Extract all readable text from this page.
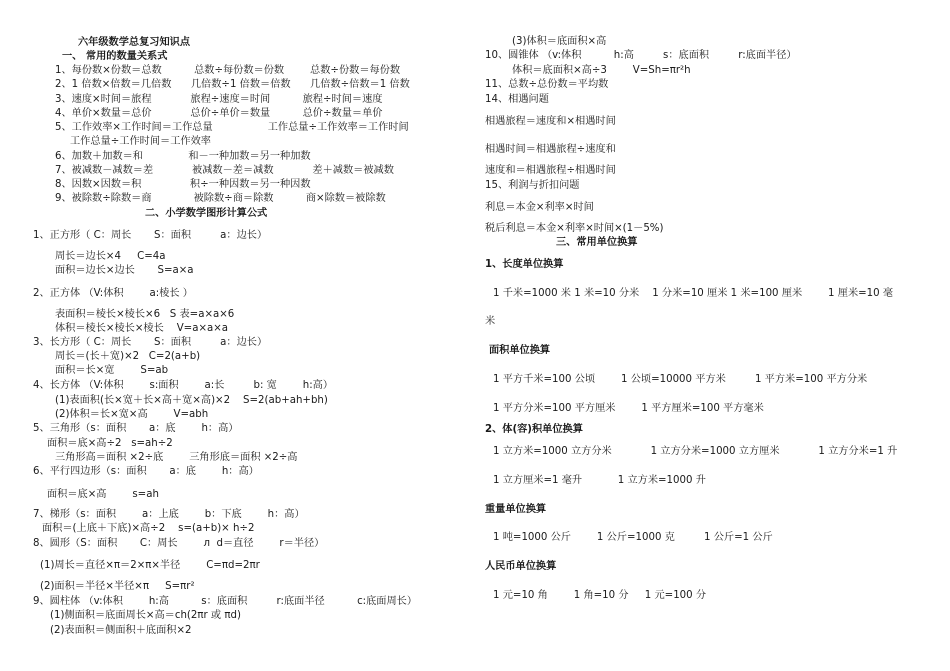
六年级数学总复习知识点
一、 常用的数量关系式
1、每份数×份数＝总数          总数÷每份数＝份数        总数÷份数＝每份数
2、1 倍数×倍数＝几倍数      几倍数÷1 倍数＝倍数      几倍数÷倍数＝1 倍数
3、速度×时间＝旅程            旅程÷速度＝时间          旅程÷时间＝速度
4、单价×数量＝总价            总价÷单价＝数量          总价÷数量＝单价
5、工作效率×工作时间＝工作总量                 工作总量÷工作效率＝工作时间
工作总量÷工作时间＝工作效率
6、加数＋加数＝和              和－一种加数＝另一种加数
7、被减数－减数＝差            被减数－差＝减数            差＋减数＝被减数
8、因数×因数＝积               积÷一种因数＝另一种因数
9、被除数÷除数＝商             被除数÷商＝除数          商×除数＝被除数
二、小学数学图形计算公式
1、正方形（ C：周长       S：面积         a：边长）
周长＝边长×4     C=4a
面积＝边长×边长       S=a×a
2、正方体 （V:体积        a:棱长 ）
表面积＝棱长×棱长×6   S 表=a×a×6
体积＝棱长×棱长×棱长    V=a×a×a
3、长方形（ C：周长       S：面积         a：边长）
周长＝(长＋宽)×2   C=2(a+b)
面积＝长×宽        S=ab
4、长方体 （V:体积        s:面积        a:长         b: 宽        h:高）
(1)表面积(长×宽＋长×高＋宽×高)×2    S=2(ab+ah+bh)
(2)体积＝长×宽×高        V=abh
5、三角形（s：面积       a：底        h：高）
面积＝底×高÷2   s=ah÷2
三角形高＝面积 ×2÷底        三角形底＝面积 ×2÷高
6、平行四边形（s：面积       a：底        h：高）
面积＝底×高        s=ah
7、梯形（s：面积        a：上底        b：下底        h：高）
面积＝(上底＋下底)×高÷2    s=(a+b)× h÷2
8、圆形（S：面积       C：周长        л  d＝直径        r＝半径）
(1)周长＝直径×π＝2×π×半径        C=πd=2πr
(2)面积＝半径×半径×π     S=πr²
9、圆柱体 （v:体积        h:高          s：底面积         r:底面半径          c:底面周长）
(1)侧面积＝底面周长×高＝ch(2πr 或 πd)
(2)表面积＝侧面积＋底面积×2
(3)体积＝底面积×高
10、圆锥体 （v:体积          h:高         s：底面积         r:底面半径）
体积＝底面积×高÷3        V=Sh=πr²h
11、总数÷总份数＝平均数
14、相遇问题
相遇旅程＝速度和×相遇时间
相遇时间＝相遇旅程÷速度和
速度和＝相遇旅程÷相遇时间
15、利润与折扣问题
利息＝本金×利率×时间
税后利息＝本金×利率×时间×(1－5%)
三、常用单位换算
1、长度单位换算
1 千米=1000 米 1 米=10 分米    1 分米=10 厘米 1 米=100 厘米        1 厘米=10 毫
米
面积单位换算
1 平方千米=100 公顷        1 公顷=10000 平方米         1 平方米=100 平方分米
1 平方分米=100 平方厘米        1 平方厘米=100 平方毫米
2、体(容)积单位换算
1 立方米=1000 立方分米            1 立方分米=1000 立方厘米            1 立方分米=1 升
1 立方厘米=1 毫升           1 立方米=1000 升
重量单位换算
1 吨=1000 公斤        1 公斤=1000 克         1 公斤=1 公斤
人民币单位换算
1 元=10 角        1 角=10 分     1 元=100 分
